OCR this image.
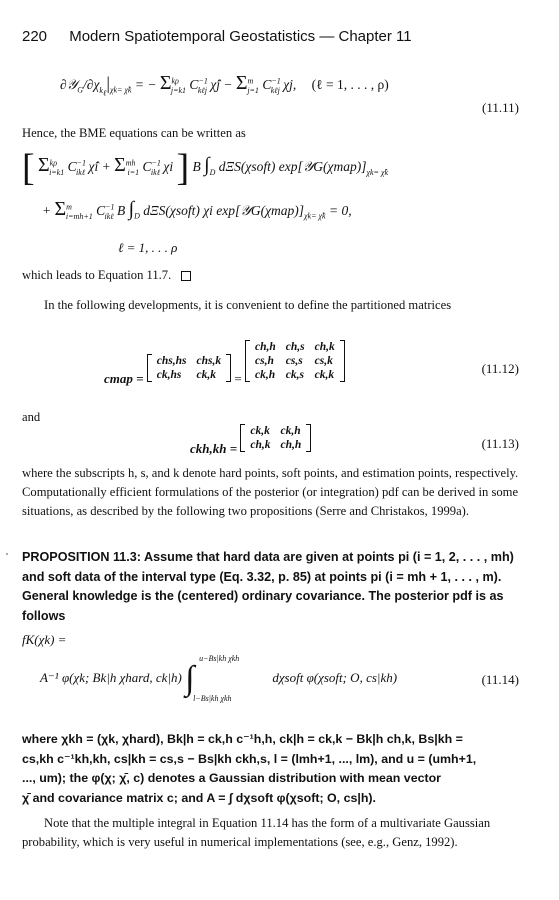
220 Modern Spatiotemporal Geostatistics — Chapter 11
$\partial 𝒴_G/\partial\chi_{k_\ell}|_{\chi k= \chîk}$ = − $\Sigma^{k\rho}_{j=k1}$ $C^{-1}_{k\ell j}$ χ̂j − $\Sigma^m_{j=1}$ $C^{-1}_{k\ell j}$ χj, (ℓ = 1, . . . , ρ)
(11.11)
Hence, the BME equations can be written as
[ $\Sigma^{k\rho}_{i=k1}$ $C^{-1}_{ik\ell}$ χ̂i + $\Sigma^{mh}_{i=1}$ $C^{-1}_{ik\ell}$ χi ] B $\int_D$ dΞS(χsoft) $\exp[𝒴G(\chi map)]_{\chi k= \chîk}$
+ $\Sigma^m_{i=mh+1}$ $C^{-1}_{ik\ell}$ B $\int_D$ dΞS(χsoft) χi $\exp[𝒴G(\chi map)]_{\chi k= \chîk} = 0$,
ℓ = 1, . . . ρ
which leads to Equation 11.7.
In the following developments, it is convenient to define the partitioned matrices
cmap =
chs,hs	chs,k
ck,hs	ck,k =
ch,h	ch,s	ch,k
cs,h	cs,s	cs,k
ck,h	ck,s	ck,k	(11.12)
and
ckh,kh =
ck,k	ck,h
ch,k	ch,h	(11.13)
where the subscripts h, s, and k denote hard points, soft points, and estimation points, respectively. Computationally efficient formulations of the posterior (or integration) pdf can be derived in some situations, as described by the following two propositions (Serre and Christakos, 1999a).
PROPOSITION 11.3: Assume that hard data are given at points pi (i = 1, 2, . . . , mh) and soft data of the interval type (Eq. 3.32, p. 85) at points pi (i = mh + 1, . . . , m). General knowledge is the (centered) ordinary covariance. The posterior pdf is as follows
fK(χk) =
A⁻¹ φ(χk; Bk|h χhard, ck|h) ∫
u−Bs|kh χkh
l−Bs|kh χkh
dχsoft φ(χsoft; O, cs|kh)	(11.14)
where χkh = (χk, χhard), Bk|h = ck,h c⁻¹h,h, ck|h = ck,k − Bk|h ch,k, Bs|kh =
cs,kh c⁻¹kh,kh, cs|kh = cs,s − Bs|kh ckh,s, l = (lmh+1, ..., lm), and u = (umh+1,
..., um); the φ(χ; χ̄, c) denotes a Gaussian distribution with mean vector
χ̄ and covariance matrix c; and A = ∫ dχsoft φ(χsoft; O, cs|h).
Note that the multiple integral in Equation 11.14 has the form of a multivariate Gaussian probability, which is very useful in numerical implementations (see, e.g., Genz, 1992).
